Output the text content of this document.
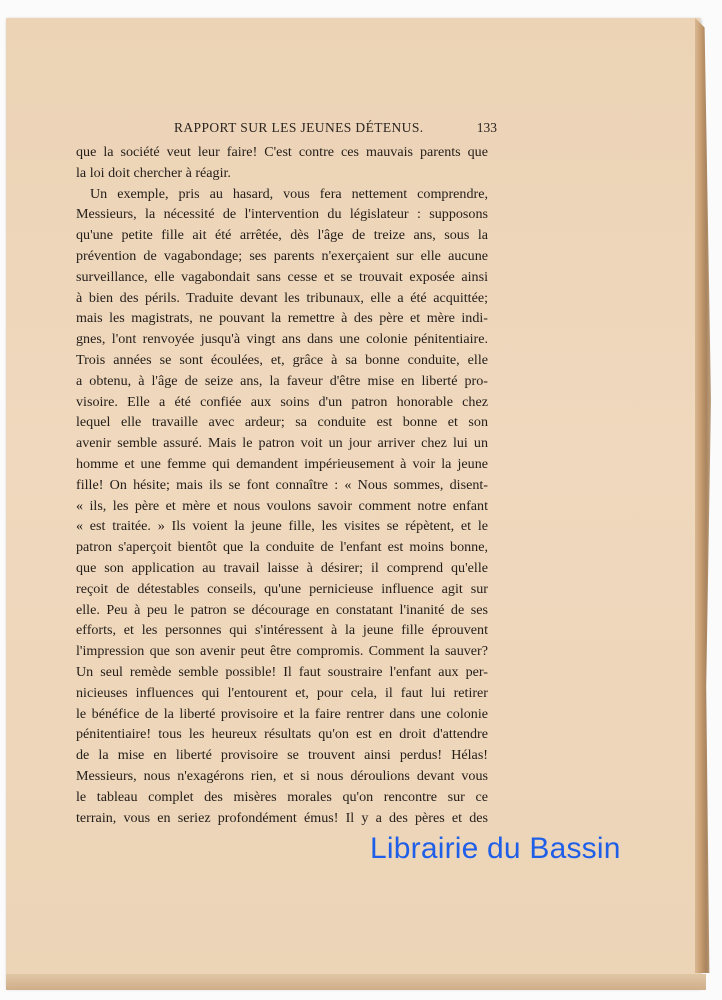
RAPPORT SUR LES JEUNES DÉTENUS.	133
que la société veut leur faire! C'est contre ces mauvais parents que
la loi doit chercher à réagir.
Un exemple, pris au hasard, vous fera nettement comprendre,
Messieurs, la nécessité de l'intervention du législateur : supposons
qu'une petite fille ait été arrêtée, dès l'âge de treize ans, sous la
prévention de vagabondage; ses parents n'exerçaient sur elle aucune
surveillance, elle vagabondait sans cesse et se trouvait exposée ainsi
à bien des périls. Traduite devant les tribunaux, elle a été acquittée;
mais les magistrats, ne pouvant la remettre à des père et mère indi-
gnes, l'ont renvoyée jusqu'à vingt ans dans une colonie pénitentiaire.
Trois années se sont écoulées, et, grâce à sa bonne conduite, elle
a obtenu, à l'âge de seize ans, la faveur d'être mise en liberté pro-
visoire. Elle a été confiée aux soins d'un patron honorable chez
lequel elle travaille avec ardeur; sa conduite est bonne et son
avenir semble assuré. Mais le patron voit un jour arriver chez lui un
homme et une femme qui demandent impérieusement à voir la jeune
fille! On hésite; mais ils se font connaître : « Nous sommes, disent-
« ils, les père et mère et nous voulons savoir comment notre enfant
« est traitée. » Ils voient la jeune fille, les visites se répètent, et le
patron s'aperçoit bientôt que la conduite de l'enfant est moins bonne,
que son application au travail laisse à désirer; il comprend qu'elle
reçoit de détestables conseils, qu'une pernicieuse influence agit sur
elle. Peu à peu le patron se décourage en constatant l'inanité de ses
efforts, et les personnes qui s'intéressent à la jeune fille éprouvent
l'impression que son avenir peut être compromis. Comment la sauver?
Un seul remède semble possible! Il faut soustraire l'enfant aux per-
nicieuses influences qui l'entourent et, pour cela, il faut lui retirer
le bénéfice de la liberté provisoire et la faire rentrer dans une colonie
pénitentiaire! tous les heureux résultats qu'on est en droit d'attendre
de la mise en liberté provisoire se trouvent ainsi perdus! Hélas!
Messieurs, nous n'exagérons rien, et si nous déroulions devant vous
le tableau complet des misères morales qu'on rencontre sur ce
terrain, vous en seriez profondément émus! Il y a des pères et des
Librairie du Bassin
